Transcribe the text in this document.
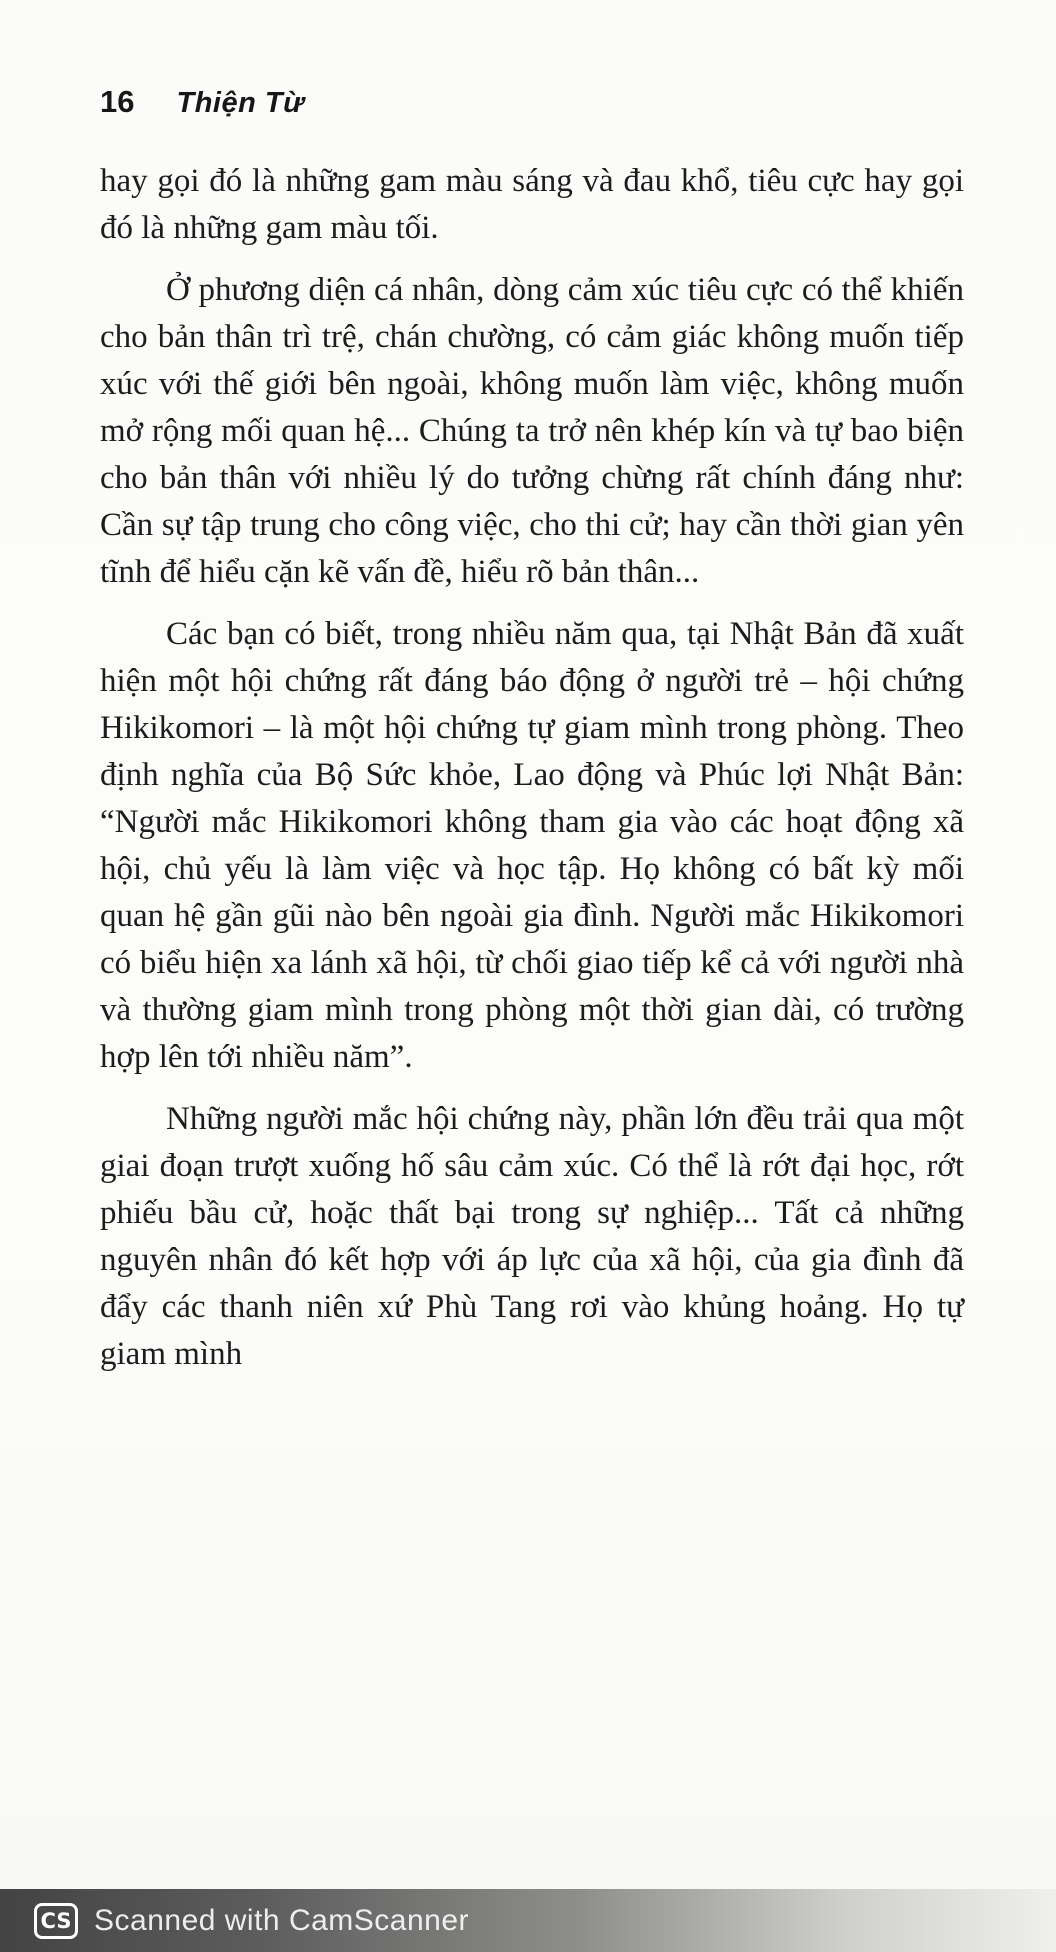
16 Thiện Từ

hay gọi đó là những gam màu sáng và đau khổ, tiêu cực hay gọi đó là những gam màu tối.

Ở phương diện cá nhân, dòng cảm xúc tiêu cực có thể khiến cho bản thân trì trệ, chán chường, có cảm giác không muốn tiếp xúc với thế giới bên ngoài, không muốn làm việc, không muốn mở rộng mối quan hệ... Chúng ta trở nên khép kín và tự bao biện cho bản thân với nhiều lý do tưởng chừng rất chính đáng như: Cần sự tập trung cho công việc, cho thi cử; hay cần thời gian yên tĩnh để hiểu cặn kẽ vấn đề, hiểu rõ bản thân...

Các bạn có biết, trong nhiều năm qua, tại Nhật Bản đã xuất hiện một hội chứng rất đáng báo động ở người trẻ – hội chứng Hikikomori – là một hội chứng tự giam mình trong phòng. Theo định nghĩa của Bộ Sức khỏe, Lao động và Phúc lợi Nhật Bản: “Người mắc Hikikomori không tham gia vào các hoạt động xã hội, chủ yếu là làm việc và học tập. Họ không có bất kỳ mối quan hệ gần gũi nào bên ngoài gia đình. Người mắc Hikikomori có biểu hiện xa lánh xã hội, từ chối giao tiếp kể cả với người nhà và thường giam mình trong phòng một thời gian dài, có trường hợp lên tới nhiều năm”.

Những người mắc hội chứng này, phần lớn đều trải qua một giai đoạn trượt xuống hố sâu cảm xúc. Có thể là rớt đại học, rớt phiếu bầu cử, hoặc thất bại trong sự nghiệp... Tất cả những nguyên nhân đó kết hợp với áp lực của xã hội, của gia đình đã đẩy các thanh niên xứ Phù Tang rơi vào khủng hoảng. Họ tự giam mình

CS Scanned with CamScanner
